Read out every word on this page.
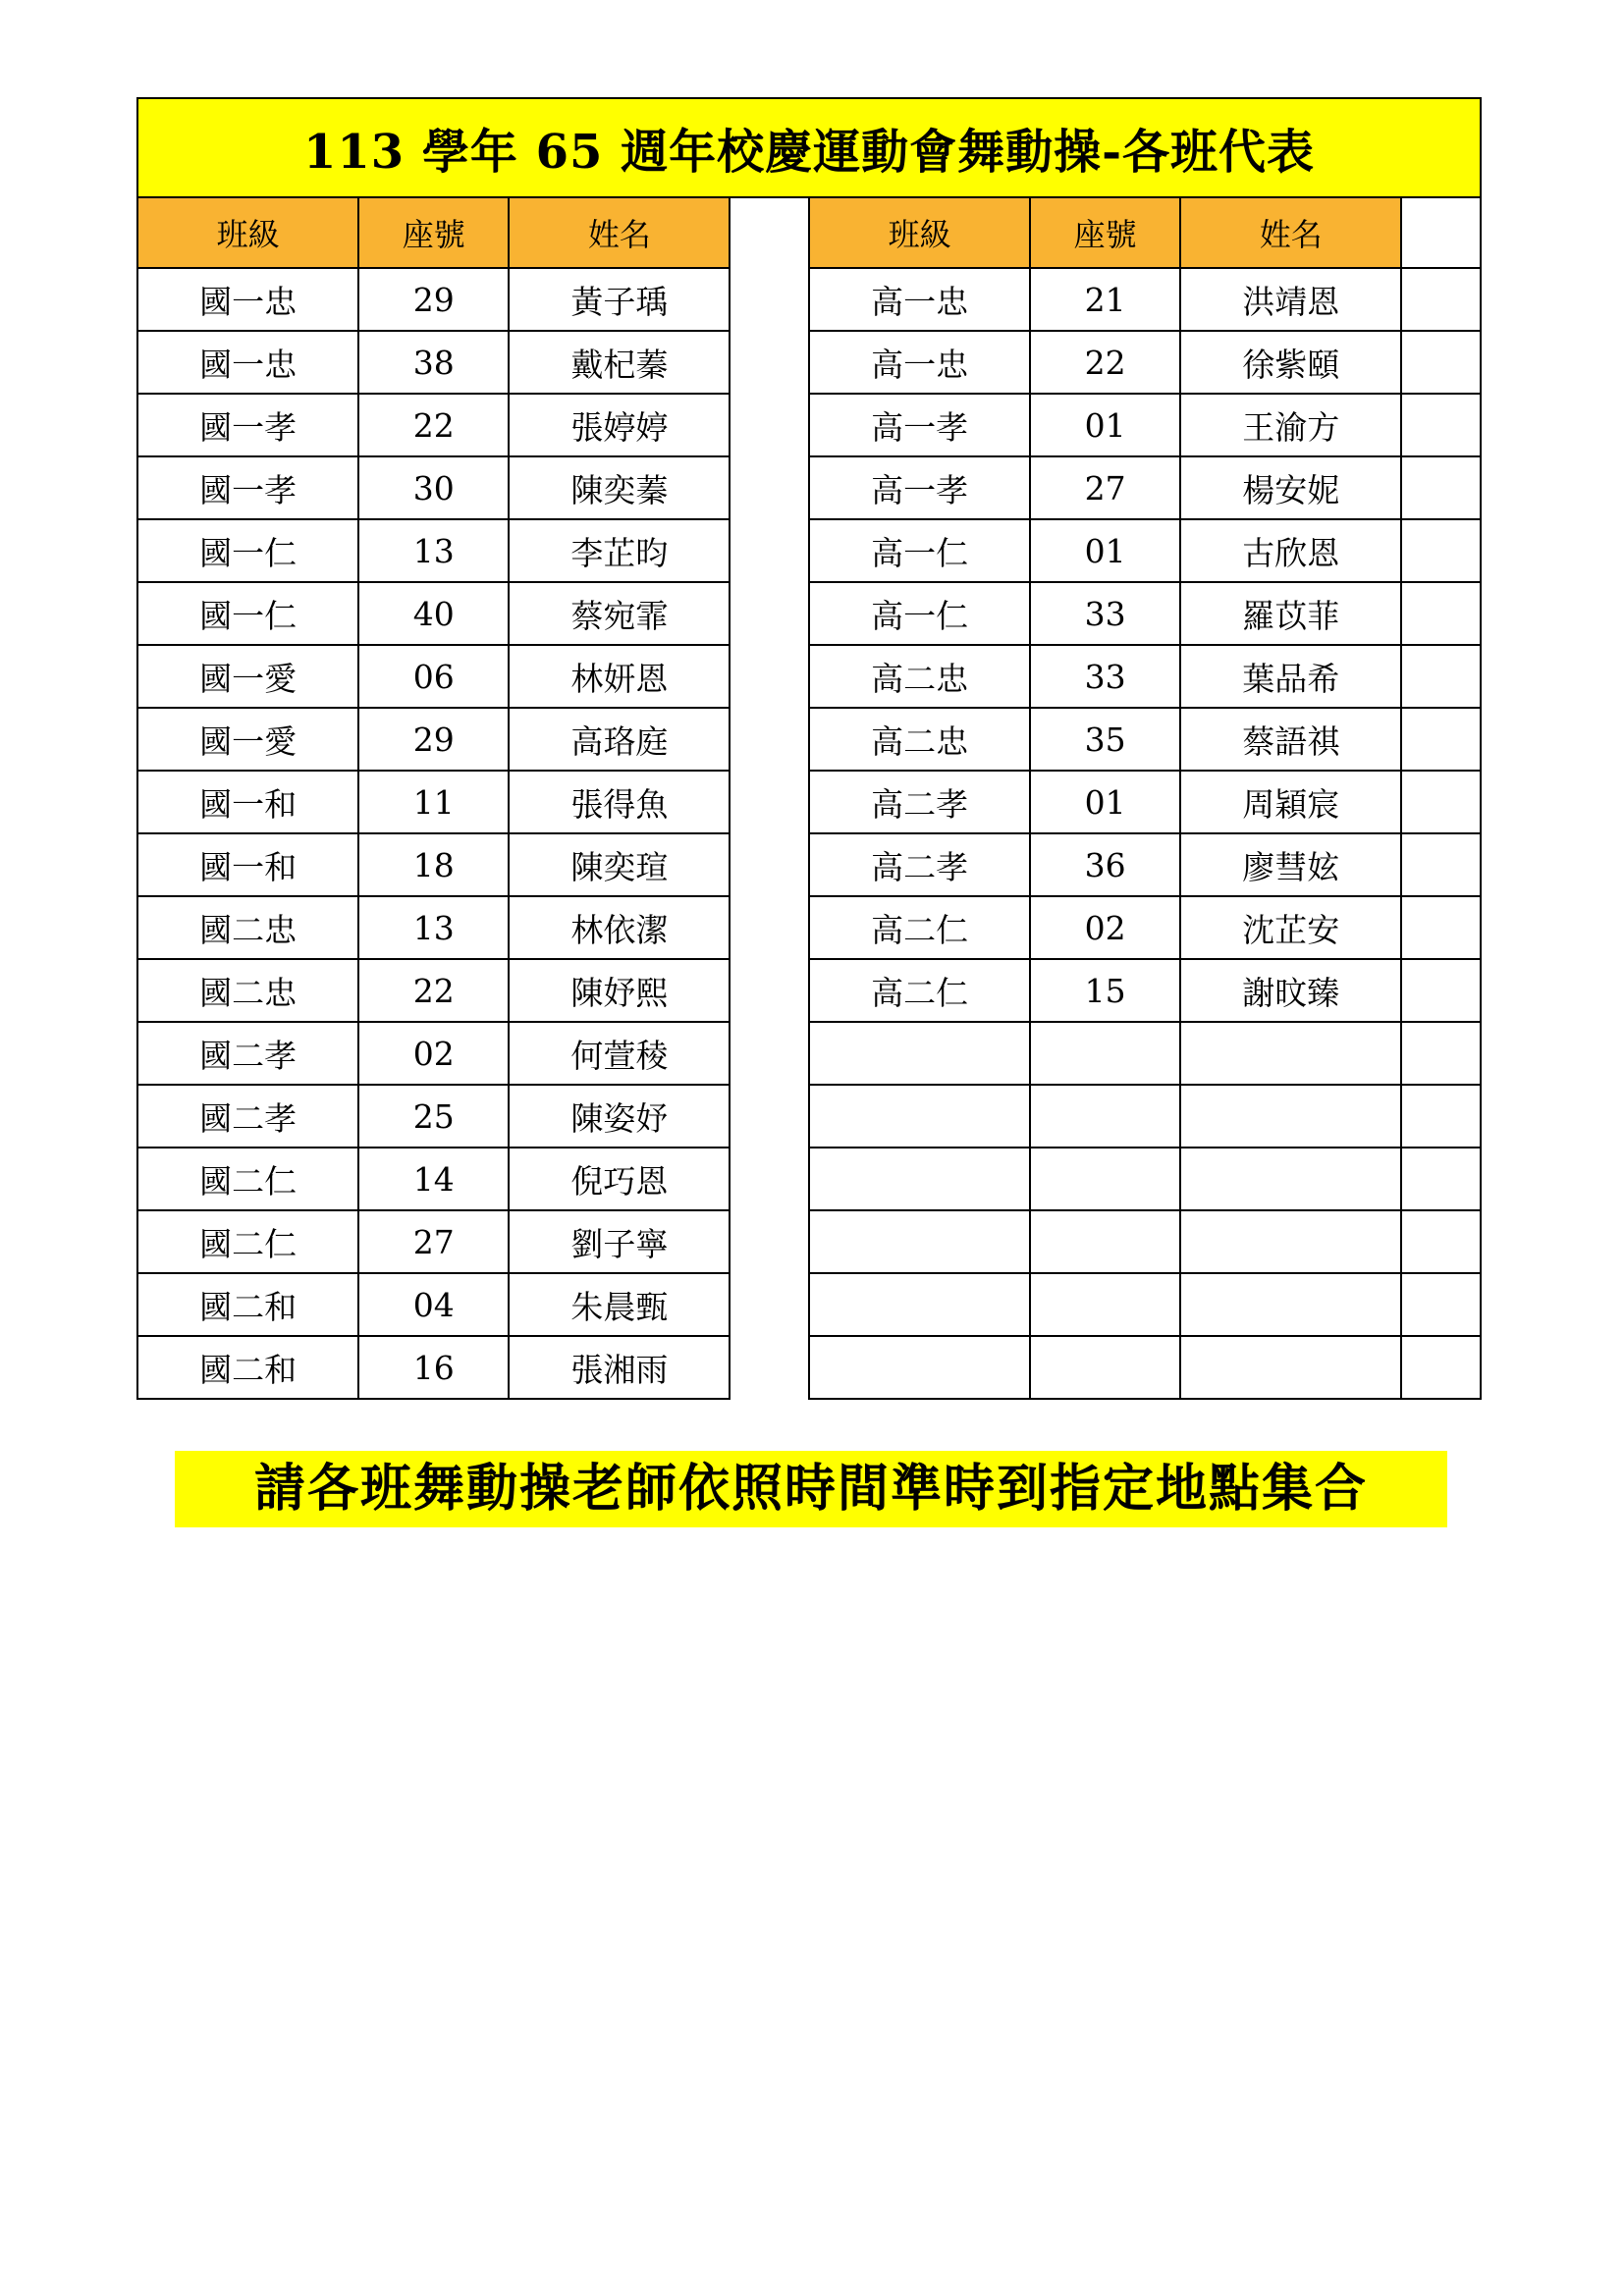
113 學年 65 週年校慶運動會舞動操-各班代表							
班級	座號	姓名		班級	座號	姓名	
國一忠	29	黃子瑀		高一忠	21	洪靖恩	
國一忠	38	戴杞蓁		高一忠	22	徐紫頤	
國一孝	22	張婷婷		高一孝	01	王渝方	
國一孝	30	陳奕蓁		高一孝	27	楊安妮	
國一仁	13	李芷昀		高一仁	01	古欣恩	
國一仁	40	蔡宛霏		高一仁	33	羅苡菲	
國一愛	06	林妍恩		高二忠	33	葉品希	
國一愛	29	高珞庭		高二忠	35	蔡語祺	
國一和	11	張得魚		高二孝	01	周穎宸	
國一和	18	陳奕瑄		高二孝	36	廖彗妶	
國二忠	13	林依潔		高二仁	02	沈芷安	
國二忠	22	陳妤熙		高二仁	15	謝旼臻	
國二孝	02	何萱稜					
國二孝	25	陳姿妤					
國二仁	14	倪巧恩					
國二仁	27	劉子寧					
國二和	04	朱晨甄					
國二和	16	張湘雨					
請各班舞動操老師依照時間準時到指定地點集合
